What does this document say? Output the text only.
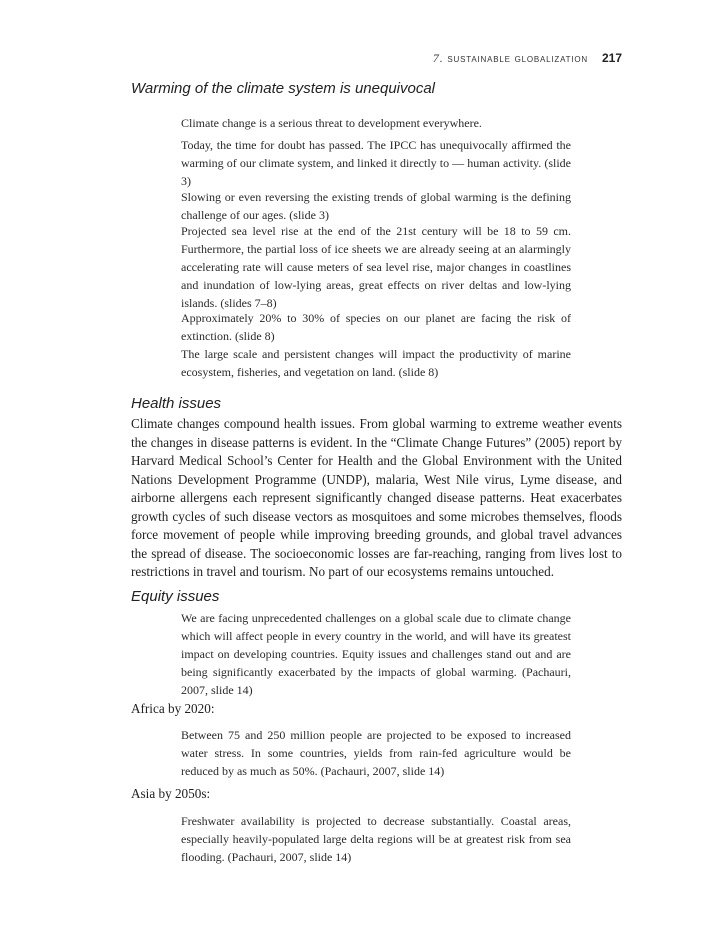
7. sustainable globalization 217
Warming of the climate system is unequivocal
Climate change is a serious threat to development everywhere.
Today, the time for doubt has passed. The IPCC has unequivocally affirmed the warming of our climate system, and linked it directly to — human activity. (slide 3)
Slowing or even reversing the existing trends of global warming is the defining challenge of our ages. (slide 3)
Projected sea level rise at the end of the 21st century will be 18 to 59 cm. Furthermore, the partial loss of ice sheets we are already seeing at an alarmingly accelerating rate will cause meters of sea level rise, major changes in coastlines and inundation of low-lying areas, great effects on river deltas and low-lying islands. (slides 7–8)
Approximately 20% to 30% of species on our planet are facing the risk of extinction. (slide 8)
The large scale and persistent changes will impact the productivity of marine ecosystem, fisheries, and vegetation on land. (slide 8)
Health issues
Climate changes compound health issues. From global warming to extreme weather events the changes in disease patterns is evident. In the “Climate Change Futures” (2005) report by Harvard Medical School’s Center for Health and the Global Environment with the United Nations Development Programme (UNDP), malaria, West Nile virus, Lyme disease, and airborne allergens each represent significantly changed disease patterns. Heat exacerbates growth cycles of such disease vectors as mosquitoes and some microbes themselves, floods force movement of people while improving breeding grounds, and global travel advances the spread of disease. The socioeconomic losses are far-reaching, ranging from lives lost to restrictions in travel and tourism. No part of our ecosystems remains untouched.
Equity issues
We are facing unprecedented challenges on a global scale due to climate change which will affect people in every country in the world, and will have its greatest impact on developing countries. Equity issues and challenges stand out and are being significantly exacerbated by the impacts of global warming. (Pachauri, 2007, slide 14)
Africa by 2020:
Between 75 and 250 million people are projected to be exposed to increased water stress. In some countries, yields from rain-fed agriculture would be reduced by as much as 50%. (Pachauri, 2007, slide 14)
Asia by 2050s:
Freshwater availability is projected to decrease substantially. Coastal areas, especially heavily-populated large delta regions will be at greatest risk from sea flooding. (Pachauri, 2007, slide 14)
